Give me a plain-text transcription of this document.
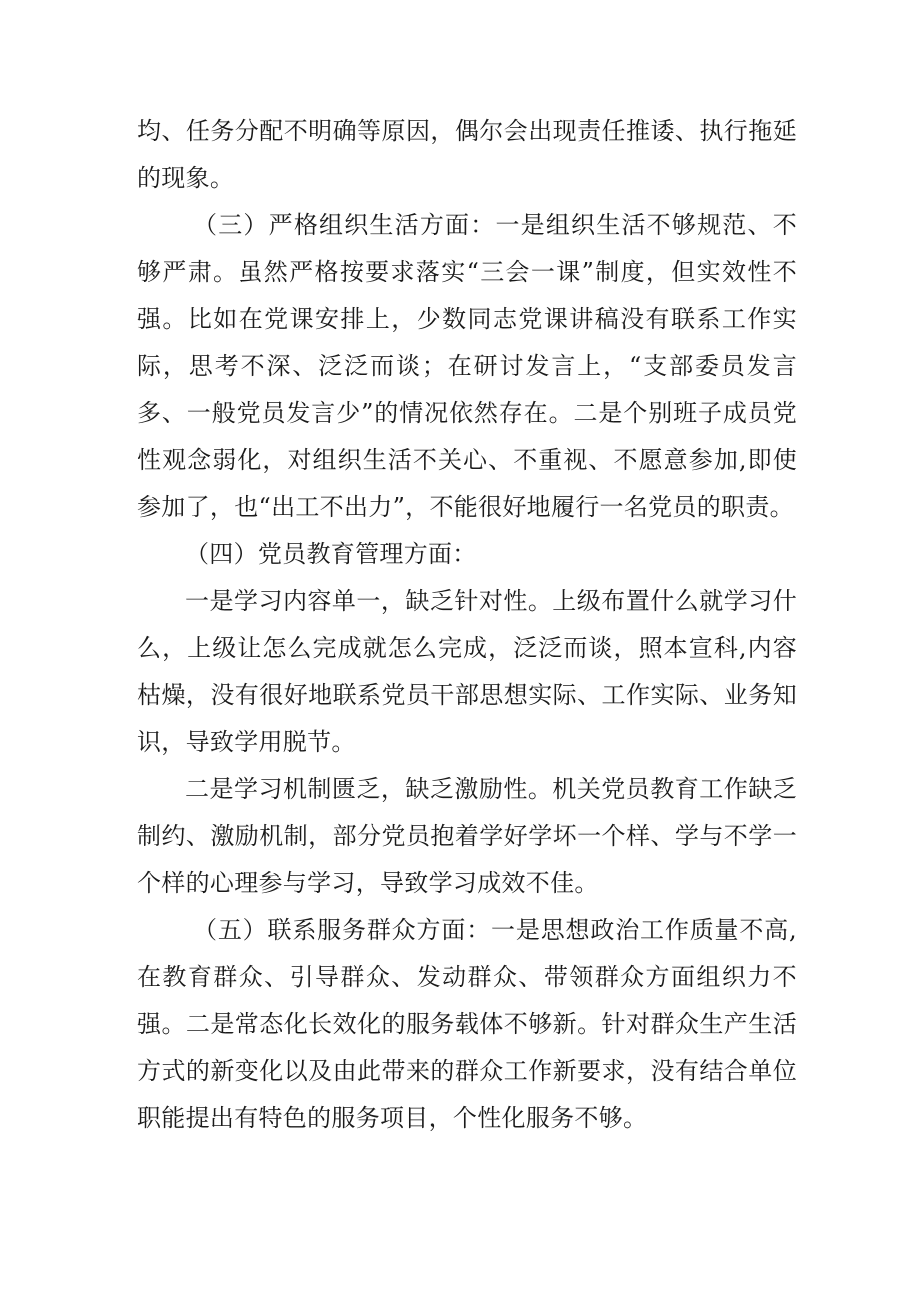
均、任务分配不明确等原因，偶尔会出现责任推诿、执行拖延的现象。

（三）严格组织生活方面：一是组织生活不够规范、不够严肃。虽然严格按要求落实“三会一课”制度，但实效性不强。比如在党课安排上，少数同志党课讲稿没有联系工作实际，思考不深、泛泛而谈；在研讨发言上，“支部委员发言多、一般党员发言少”的情况依然存在。二是个别班子成员党性观念弱化，对组织生活不关心、不重视、不愿意参加,即使参加了，也“出工不出力”，不能很好地履行一名党员的职责。

（四）党员教育管理方面：

一是学习内容单一，缺乏针对性。上级布置什么就学习什么，上级让怎么完成就怎么完成，泛泛而谈，照本宣科,内容枯燥，没有很好地联系党员干部思想实际、工作实际、业务知识，导致学用脱节。

二是学习机制匮乏，缺乏激励性。机关党员教育工作缺乏制约、激励机制，部分党员抱着学好学坏一个样、学与不学一个样的心理参与学习，导致学习成效不佳。

（五）联系服务群众方面：一是思想政治工作质量不高,在教育群众、引导群众、发动群众、带领群众方面组织力不强。二是常态化长效化的服务载体不够新。针对群众生产生活方式的新变化以及由此带来的群众工作新要求，没有结合单位职能提出有特色的服务项目，个性化服务不够。
